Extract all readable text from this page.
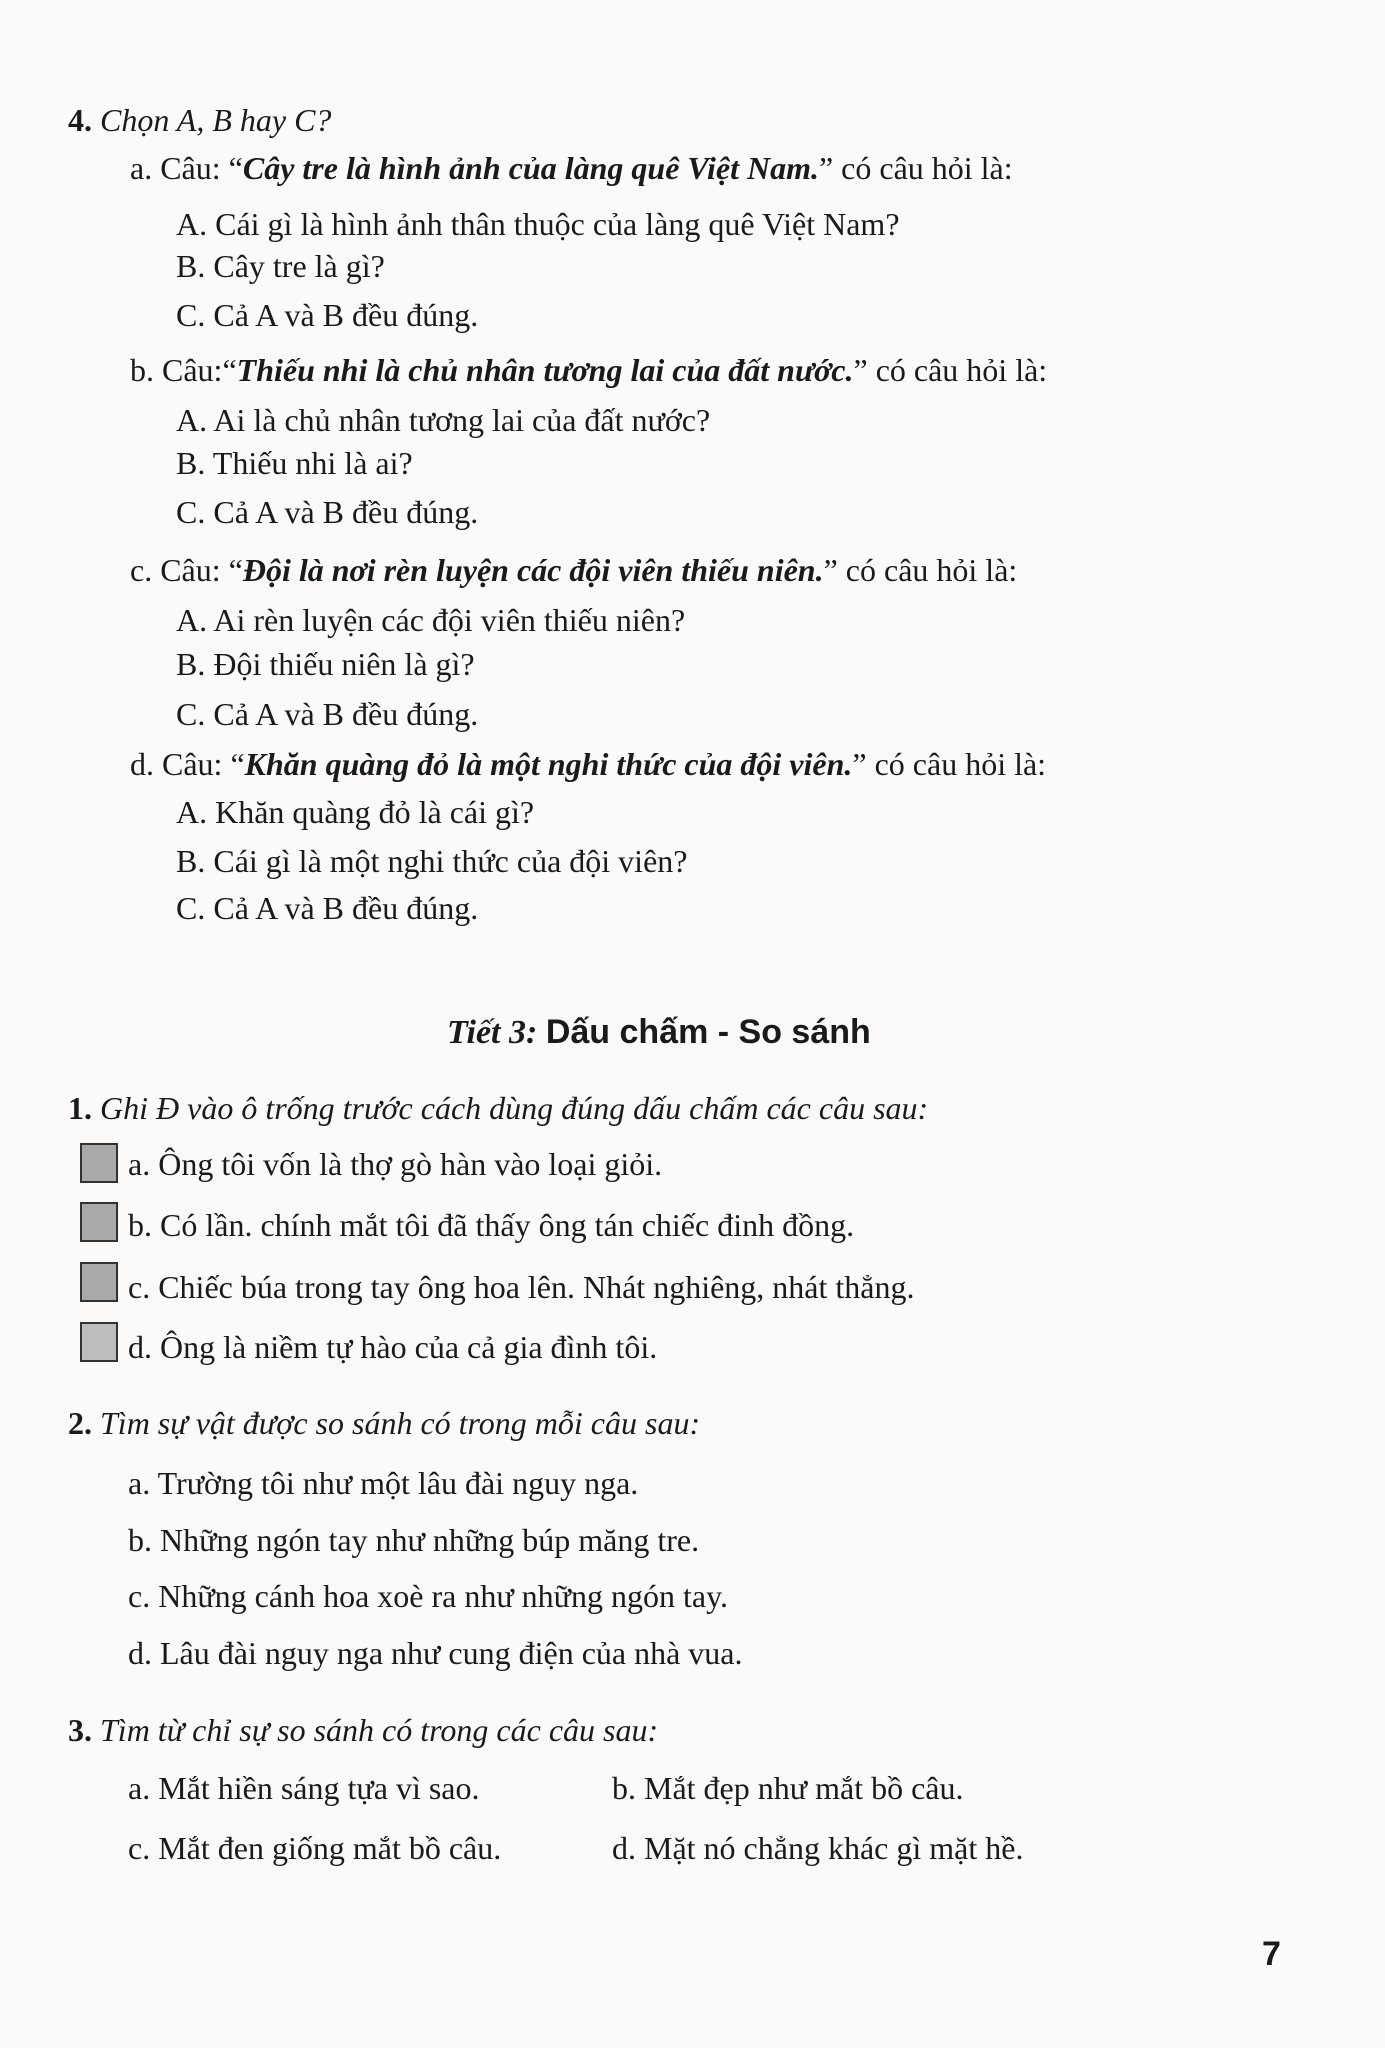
4. Chọn A, B hay C?
a. Câu: “Cây tre là hình ảnh của làng quê Việt Nam.” có câu hỏi là:
A. Cái gì là hình ảnh thân thuộc của làng quê Việt Nam?
B. Cây tre là gì?
C. Cả A và B đều đúng.
b. Câu:“Thiếu nhi là chủ nhân tương lai của đất nước.” có câu hỏi là:
A. Ai là chủ nhân tương lai của đất nước?
B. Thiếu nhi là ai?
C. Cả A và B đều đúng.
c. Câu: “Đội là nơi rèn luyện các đội viên thiếu niên.” có câu hỏi là:
A. Ai rèn luyện các đội viên thiếu niên?
B. Đội thiếu niên là gì?
C. Cả A và B đều đúng.
d. Câu: “Khăn quàng đỏ là một nghi thức của đội viên.” có câu hỏi là:
A. Khăn quàng đỏ là cái gì?
B. Cái gì là một nghi thức của đội viên?
C. Cả A và B đều đúng.
Tiết 3: Dấu chấm - So sánh
1. Ghi Đ vào ô trống trước cách dùng đúng dấu chấm các câu sau:
a. Ông tôi vốn là thợ gò hàn vào loại giỏi.
b. Có lần. chính mắt tôi đã thấy ông tán chiếc đinh đồng.
c. Chiếc búa trong tay ông hoa lên. Nhát nghiêng, nhát thẳng.
d. Ông là niềm tự hào của cả gia đình tôi.
2. Tìm sự vật được so sánh có trong mỗi câu sau:
a. Trường tôi như một lâu đài nguy nga.
b. Những ngón tay như những búp măng tre.
c. Những cánh hoa xoè ra như những ngón tay.
d. Lâu đài nguy nga như cung điện của nhà vua.
3. Tìm từ chỉ sự so sánh có trong các câu sau:
a. Mắt hiền sáng tựa vì sao.	b. Mắt đẹp như mắt bồ câu.
c. Mắt đen giống mắt bồ câu.	d. Mặt nó chẳng khác gì mặt hề.
7
